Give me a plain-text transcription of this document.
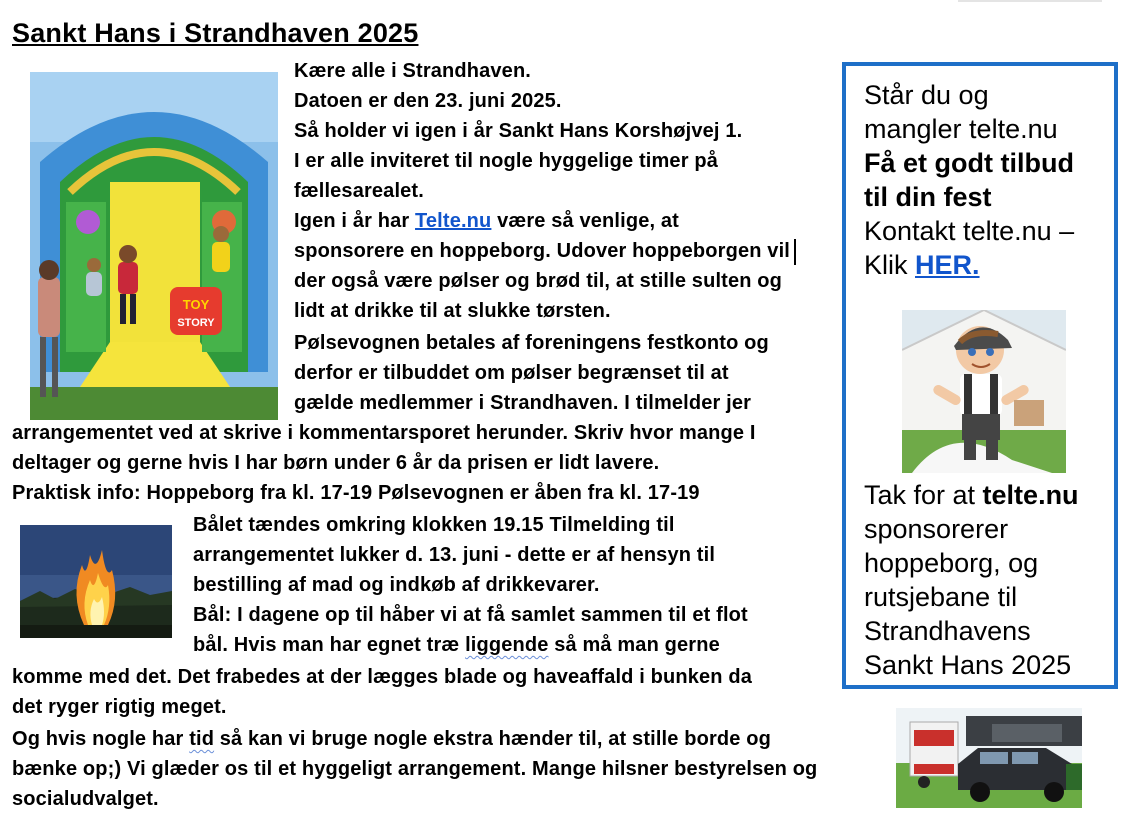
Sankt Hans i Strandhaven 2025
TOY
STORY
Kære alle i Strandhaven.
Datoen er den 23. juni 2025.
Så holder vi igen i år Sankt Hans Korshøjvej 1.
I er alle inviteret til nogle hyggelige timer på
fællesarealet.
Igen i år har Telte.nu være så venlige, at
sponsorere en hoppeborg. Udover hoppeborgen vil
der også være pølser og brød til, at stille sulten og
lidt at drikke til at slukke tørsten.
Pølsevognen betales af foreningens festkonto og
derfor er tilbuddet om pølser begrænset til at
gælde medlemmer i Strandhaven. I tilmelder jer
arrangementet ved at skrive i kommentarsporet herunder. Skriv hvor mange I
deltager og gerne hvis I har børn under 6 år da prisen er lidt lavere.
Praktisk info: Hoppeborg fra kl. 17-19 Pølsevognen er åben fra kl. 17-19
Bålet tændes omkring klokken 19.15 Tilmelding til
arrangementet lukker d. 13. juni - dette er af hensyn til
bestilling af mad og indkøb af drikkevarer.
Bål: I dagene op til håber vi at få samlet sammen til et flot
bål. Hvis man har egnet træ liggende så må man gerne
komme med det. Det frabedes at der lægges blade og haveaffald i bunken da
det ryger rigtig meget.
Og hvis nogle har tid så kan vi bruge nogle ekstra hænder til, at stille borde og
bænke op;) Vi glæder os til et hyggeligt arrangement. Mange hilsner bestyrelsen og
socialudvalget.
Står du og
mangler telte.nu
Få et godt tilbud
til din fest
Kontakt telte.nu –
Klik HER.
Tak for at telte.nu
sponsorerer
hoppeborg, og
rutsjebane til
Strandhavens
Sankt Hans 2025
